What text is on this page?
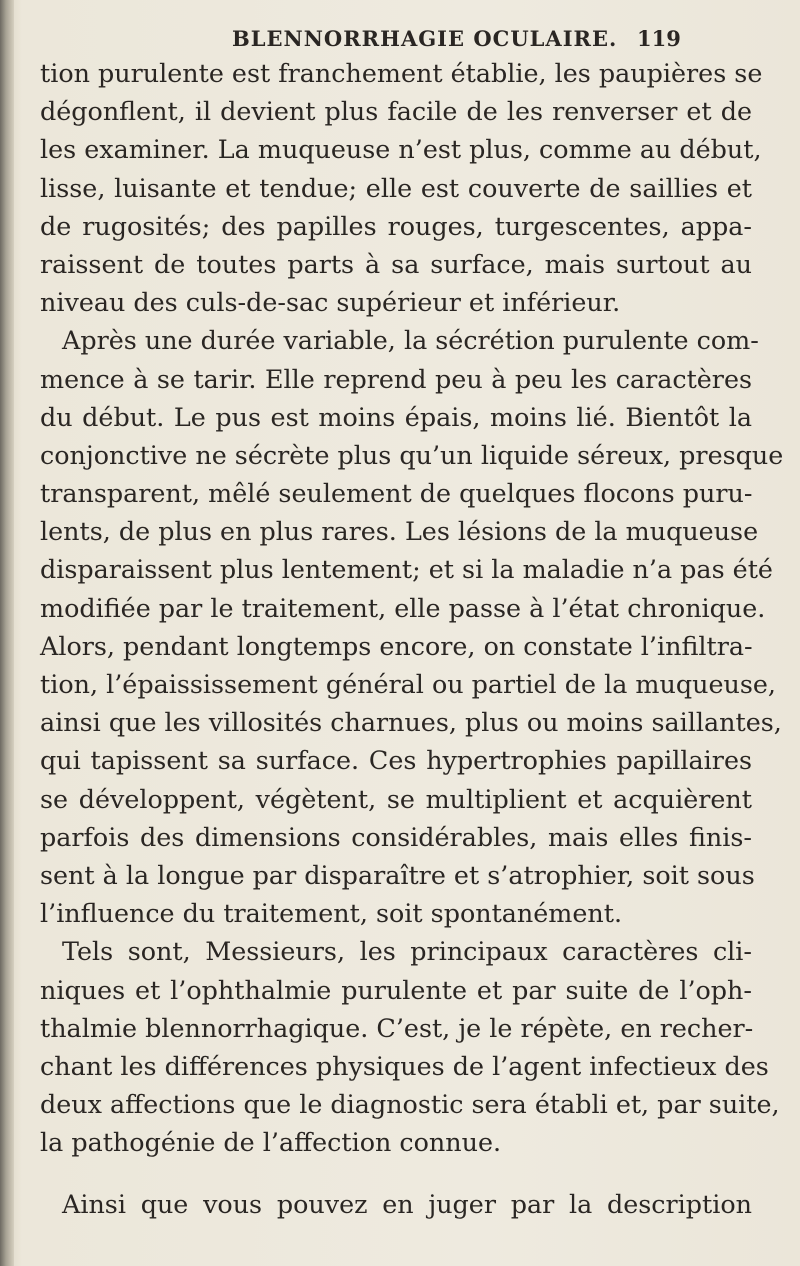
BLENNORRHAGIE OCULAIRE. 119
tion purulente est franchement établie, les paupières se
dégonflent, il devient plus facile de les renverser et de
les examiner. La muqueuse n’est plus, comme au début,
lisse, luisante et tendue; elle est couverte de saillies et
de rugosités; des papilles rouges, turgescentes, appa-
raissent de toutes parts à sa surface, mais surtout au
niveau des culs-de-sac supérieur et inférieur.
Après une durée variable, la sécrétion purulente com-
mence à se tarir. Elle reprend peu à peu les caractères
du début. Le pus est moins épais, moins lié. Bientôt la
conjonctive ne sécrète plus qu’un liquide séreux, presque
transparent, mêlé seulement de quelques flocons puru-
lents, de plus en plus rares. Les lésions de la muqueuse
disparaissent plus lentement; et si la maladie n’a pas été
modifiée par le traitement, elle passe à l’état chronique.
Alors, pendant longtemps encore, on constate l’infiltra-
tion, l’épaississement général ou partiel de la muqueuse,
ainsi que les villosités charnues, plus ou moins saillantes,
qui tapissent sa surface. Ces hypertrophies papillaires
se développent, végètent, se multiplient et acquièrent
parfois des dimensions considérables, mais elles finis-
sent à la longue par disparaître et s’atrophier, soit sous
l’influence du traitement, soit spontanément.
Tels sont, Messieurs, les principaux caractères cli-
niques et l’ophthalmie purulente et par suite de l’oph-
thalmie blennorrhagique. C’est, je le répète, en recher-
chant les différences physiques de l’agent infectieux des
deux affections que le diagnostic sera établi et, par suite,
la pathogénie de l’affection connue.
Ainsi que vous pouvez en juger par la description
